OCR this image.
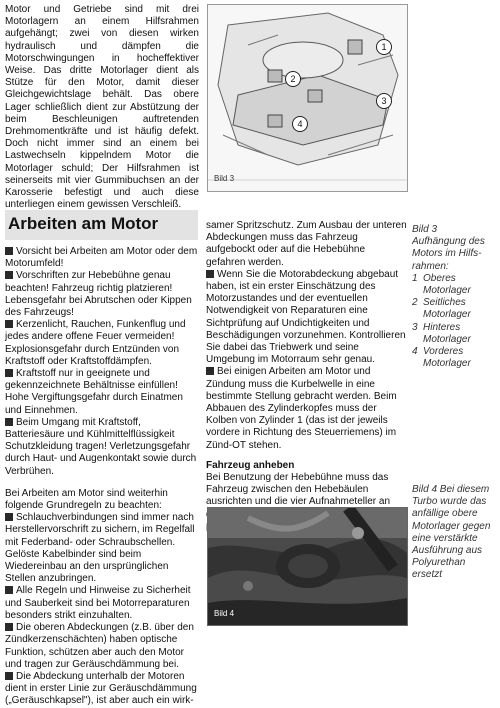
Motor und Getriebe sind mit drei Motorlagern an einem Hilfsrahmen aufgehängt; zwei von diesen wirken hydraulisch und dämpfen die Motorschwingungen in hocheffektiver Weise. Das dritte Motorlager dient als Stütze für den Motor, damit dieser Gleichgewichtslage behält. Das obere Lager schließlich dient zur Abstützung der beim Beschleunigen auftretenden Drehmomentkräfte und ist häufig defekt. Doch nicht immer sind an einem bei Lastwechseln kippelndem Motor die Motorlager schuld; Der Hilfsrahmen ist seinerseits mit vier Gummibuchsen an der Karosserie befestigt und auch diese unterliegen einem gewissen Verschleiß.

Arbeiten am Motor

Vorsicht bei Arbeiten am Motor oder dem Motorumfeld!

Vorschriften zur Hebebühne genau beachten! Fahrzeug richtig platzieren! Lebensgefahr bei Abrutschen oder Kippen des Fahrzeugs!

Kerzenlicht, Rauchen, Funkenflug und jedes andere offene Feuer vermeiden! Explosionsgefahr durch Entzünden von Kraftstoff oder Kraftstoffdämpfen.

Kraftstoff nur in geeignete und gekennzeichnete Behältnisse einfüllen! Hohe Vergiftungsgefahr durch Einatmen und Einnehmen.

Beim Umgang mit Kraftstoff, Batteriesäure und Kühlmittelflüssigkeit Schutzkleidung tragen! Verletzungsgefahr durch Haut- und Augenkontakt sowie durch Verbrühen.

Bei Arbeiten am Motor sind weiterhin folgende Grundregeln zu beachten:

Schlauchverbindungen sind immer nach Herstellervorschrift zu sichern, im Regelfall mit Federband- oder Schraubschellen. Gelöste Kabelbinder sind beim Wiedereinbau an den ursprünglichen Stellen anzubringen.

Alle Regeln und Hinweise zu Sicherheit und Sauberkeit sind bei Motorreparaturen besonders strikt einzuhalten.

Die oberen Abdeckungen (z.B. über den Zündkerzenschächten) haben optische Funktion, schützen aber auch den Motor und tragen zur Geräuschdämmung bei.

Die Abdeckung unterhalb der Motoren dient in erster Linie zur Geräuschdämmung („Geräuschkapsel"), ist aber auch ein wirk-

1
2
3
4
Bild 3
Bild 3
Aufhängung des
Motors im Hilfs-
rahmen:
1 Oberes Motorlager
2 Seitliches Motorlager
3 Hinteres Motorlager
4 Vorderes Motorlager

samer Spritzschutz. Zum Ausbau der unteren Abdeckungen muss das Fahrzeug aufgebockt oder auf die Hebebühne gefahren werden.

Wenn Sie die Motorabdeckung abgebaut haben, ist ein erster Einschätzung des Motorzustandes und der eventuellen Notwendigkeit von Reparaturen eine Sichtprüfung auf Undichtigkeiten und Beschädigungen vorzunehmen. Kontrollieren Sie dabei das Triebwerk und seine Umgebung im Motorraum sehr genau.

Bei einigen Arbeiten am Motor und Zündung muss die Kurbelwelle in eine bestimmte Stellung gebracht werden. Beim Abbauen des Zylinderkopfes muss der Kolben von Zylinder 1 (das ist der jeweils vordere in Richtung des Steuerriemens) im Zünd-OT stehen.

Fahrzeug anheben

Bei Benutzung der Hebebühne muss das Fahrzeug zwischen den Hebebäulen ausrichten und die vier Aufnahmeteller an

Bild 4
Bild 4 Bei diesem Turbo wurde das anfällige obere Motorlager gegen eine verstärkte Ausführung aus Polyurethan ersetzt
